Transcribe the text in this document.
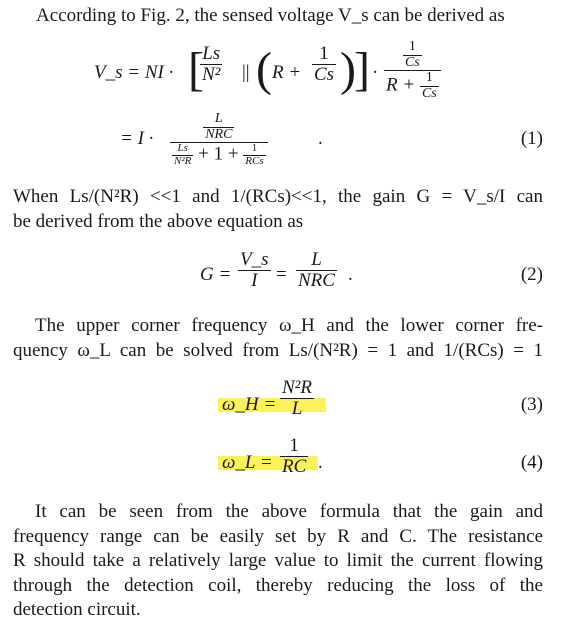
According to Fig. 2, the sensed voltage V_s can be derived as
V_s = NI · [
Ls
N² || ( R +
1
Cs )
] ·
$\frac{1}{Cs}$
$R + \frac{1}{Cs}$
= I ·
L
NRC
$\frac{Ls}{\text{N²R}} + 1 + \frac{1}{\text{RCs}}$
.	(1)
When Ls/(N²R) <<1 and 1/(RCs)<<1, the gain G = V_s/I can
be derived from the above equation as
G =
V_s
I =
L
NRC .	(2)
The upper corner frequency ω_H and the lower corner fre-
quency ω_L can be solved from Ls/(N²R) = 1 and 1/(RCs) = 1
ω_H =
N²R
L	(3)
ω_L =
1
RC .	(4)
It can be seen from the above formula that the gain and
frequency range can be easily set by R and C. The resistance
R should take a relatively large value to limit the current flowing
through the detection coil, thereby reducing the loss of the
detection circuit.
